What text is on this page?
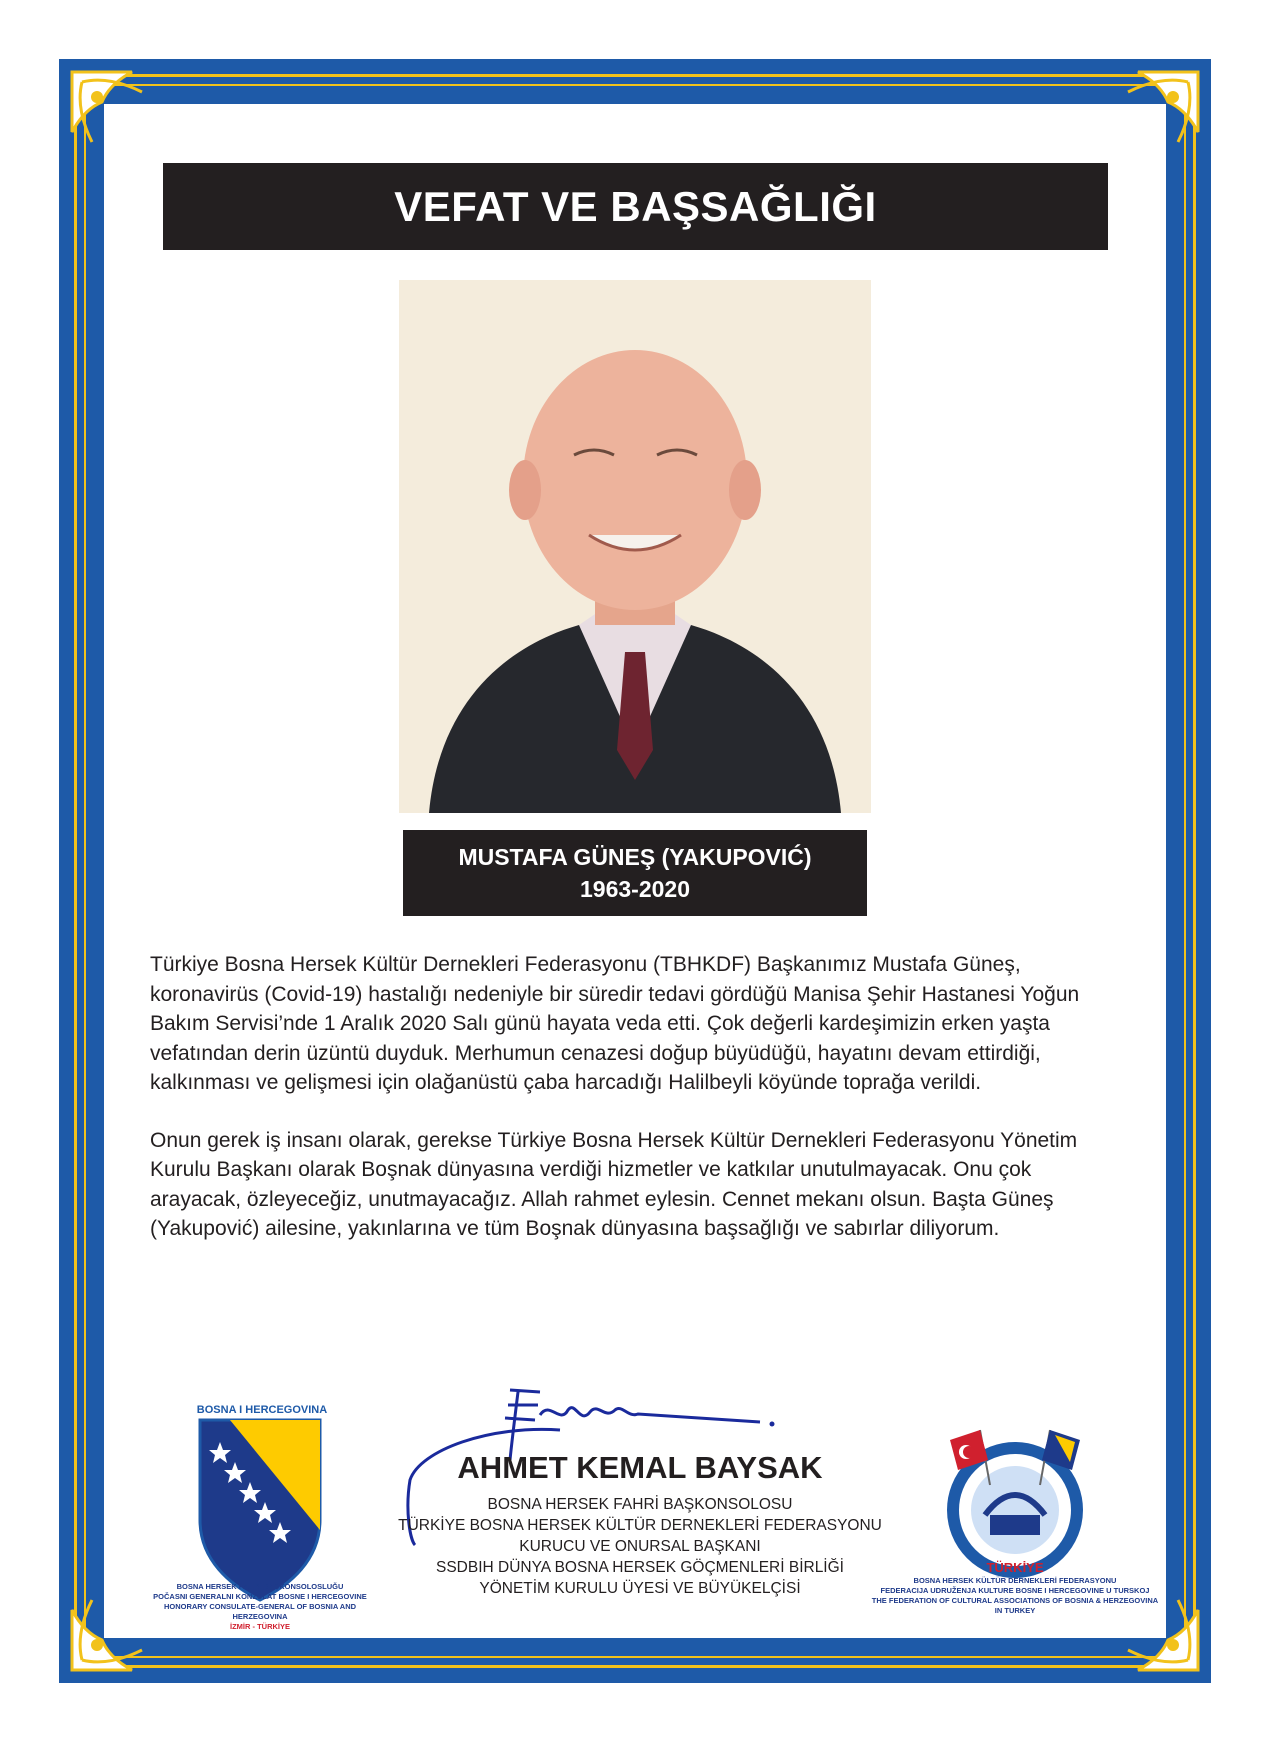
VEFAT VE BAŞSAĞLIĞI
MUSTAFA GÜNEŞ (YAKUPOVIĆ)
1963-2020

Türkiye Bosna Hersek Kültür Dernekleri Federasyonu (TBHKDF) Başkanımız Mustafa Güneş, koronavirüs (Covid-19) hastalığı nedeniyle bir süredir tedavi gördüğü Manisa Şehir Hastanesi Yoğun Bakım Servisi’nde 1 Aralık 2020 Salı günü hayata veda etti. Çok değerli kardeşimizin erken yaşta vefatından derin üzüntü duyduk. Merhumun cenazesi doğup büyüdüğü, hayatını devam ettirdiği, kalkınması ve gelişmesi için olağanüstü çaba harcadığı Halilbeyli köyünde toprağa verildi.

Onun gerek iş insanı olarak, gerekse Türkiye Bosna Hersek Kültür Dernekleri Federasyonu Yönetim Kurulu Başkanı olarak Boşnak dünyasına verdiği hizmetler ve katkılar unutulmayacak. Onu çok arayacak, özleyeceğiz, unutmayacağız. Allah rahmet eylesin. Cennet mekanı olsun. Başta Güneş (Yakupović) ailesine, yakınlarına ve tüm Boşnak dünyasına başsağlığı ve sabırlar diliyorum.

AHMET KEMAL BAYSAK
BOSNA HERSEK FAHRİ BAŞKONSOLOSU
TÜRKİYE BOSNA HERSEK KÜLTÜR DERNEKLERİ FEDERASYONU
KURUCU VE ONURSAL BAŞKANI
SSDBIH DÜNYA BOSNA HERSEK GÖÇMENLERİ BİRLİĞİ
YÖNETİM KURULU ÜYESİ VE BÜYÜKELÇİSİ
BOSNA I HERCEGOVINA
BOSNA HERSEK FAHRİ BAŞKONSOLOSLUĞU
POČASNI GENERALNI KONZULAT BOSNE I HERCEGOVINE
HONORARY CONSULATE-GENERAL OF BOSNIA AND HERZEGOVINA
İZMİR - TÜRKİYE
TÜRKİYE
BOSNA HERSEK KÜLTÜR DERNEKLERİ FEDERASYONU
FEDERACIJA UDRUŽENJA KULTURE BOSNE I HERCEGOVINE U TURSKOJ
THE FEDERATION OF CULTURAL ASSOCIATIONS OF BOSNIA & HERZEGOVINA IN TURKEY
